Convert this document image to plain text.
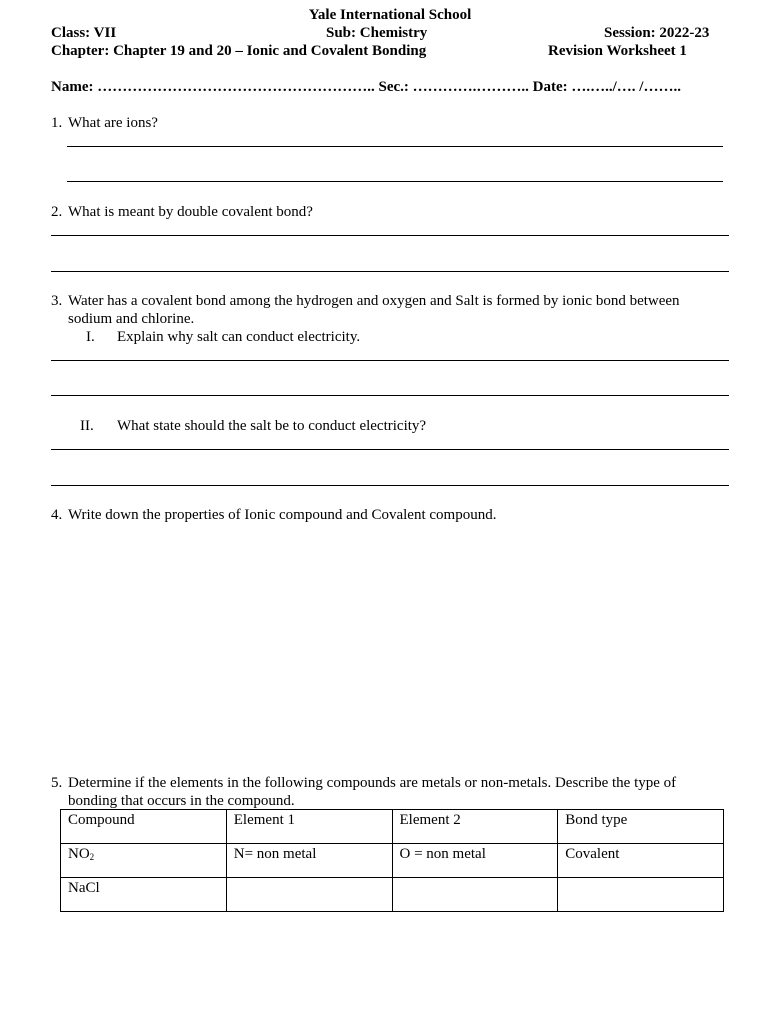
Yale International School
Class: VII	Sub: Chemistry	Session: 2022-23
Chapter: Chapter 19 and 20 – Ionic and Covalent Bonding	Revision Worksheet 1
Name: ……………………………………………….. Sec.: ………….……….. Date: ….…../…. /……..
1. What are ions?
2. What is meant by double covalent bond?
3. Water has a covalent bond among the hydrogen and oxygen and Salt is formed by ionic bond between
sodium and chlorine.
I. Explain why salt can conduct electricity.
II. What state should the salt be to conduct electricity?
4. Write down the properties of Ionic compound and Covalent compound.
5. Determine if the elements in the following compounds are metals or non-metals. Describe the type of
bonding that occurs in the compound.
Compound	Element 1	Element 2	Bond type
$NO_2$	N= non metal	O = non metal	Covalent
NaCl			
